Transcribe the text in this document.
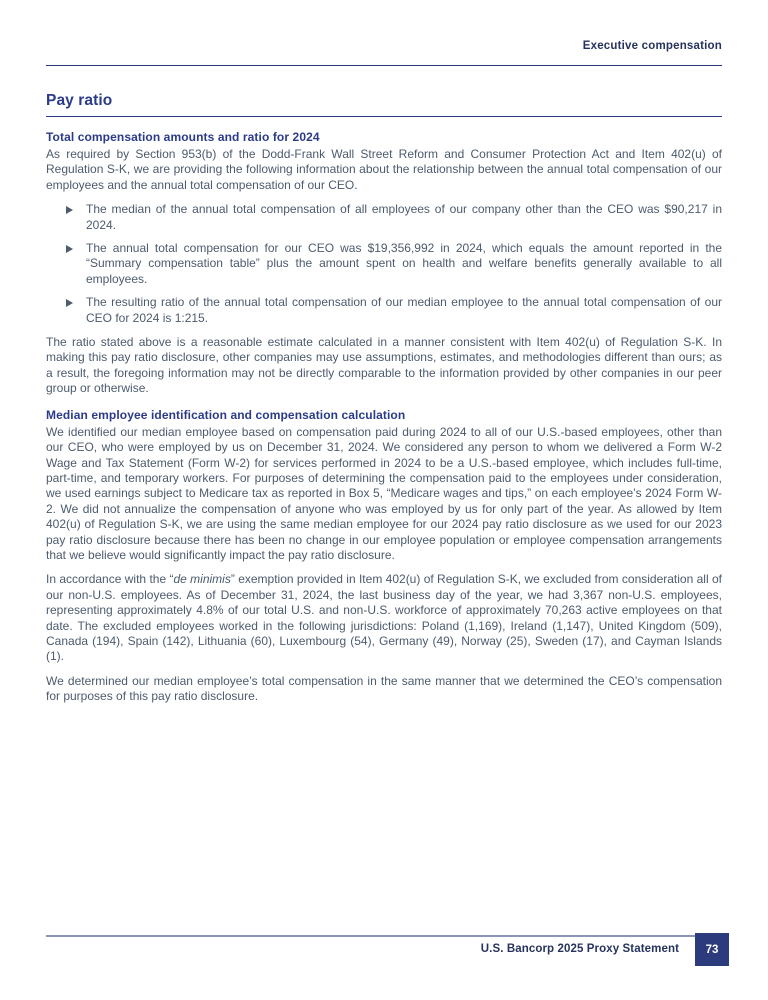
Executive compensation
Pay ratio
Total compensation amounts and ratio for 2024

As required by Section 953(b) of the Dodd-Frank Wall Street Reform and Consumer Protection Act and Item 402(u) of Regulation S-K, we are providing the following information about the relationship between the annual total compensation of our employees and the annual total compensation of our CEO.

The median of the annual total compensation of all employees of our company other than the CEO was $90,217 in 2024.
The annual total compensation for our CEO was $19,356,992 in 2024, which equals the amount reported in the “Summary compensation table” plus the amount spent on health and welfare benefits generally available to all employees.
The resulting ratio of the annual total compensation of our median employee to the annual total compensation of our CEO for 2024 is 1:215.

The ratio stated above is a reasonable estimate calculated in a manner consistent with Item 402(u) of Regulation S-K. In making this pay ratio disclosure, other companies may use assumptions, estimates, and methodologies different than ours; as a result, the foregoing information may not be directly comparable to the information provided by other companies in our peer group or otherwise.

Median employee identification and compensation calculation

We identified our median employee based on compensation paid during 2024 to all of our U.S.-based employees, other than our CEO, who were employed by us on December 31, 2024. We considered any person to whom we delivered a Form W-2 Wage and Tax Statement (Form W-2) for services performed in 2024 to be a U.S.-based employee, which includes full-time, part-time, and temporary workers. For purposes of determining the compensation paid to the employees under consideration, we used earnings subject to Medicare tax as reported in Box 5, “Medicare wages and tips,” on each employee’s 2024 Form W-2. We did not annualize the compensation of anyone who was employed by us for only part of the year. As allowed by Item 402(u) of Regulation S-K, we are using the same median employee for our 2024 pay ratio disclosure as we used for our 2023 pay ratio disclosure because there has been no change in our employee population or employee compensation arrangements that we believe would significantly impact the pay ratio disclosure.

In accordance with the “de minimis” exemption provided in Item 402(u) of Regulation S-K, we excluded from consideration all of our non-U.S. employees. As of December 31, 2024, the last business day of the year, we had 3,367 non-U.S. employees, representing approximately 4.8% of our total U.S. and non-U.S. workforce of approximately 70,263 active employees on that date. The excluded employees worked in the following jurisdictions: Poland (1,169), Ireland (1,147), United Kingdom (509), Canada (194), Spain (142), Lithuania (60), Luxembourg (54), Germany (49), Norway (25), Sweden (17), and Cayman Islands (1).

We determined our median employee’s total compensation in the same manner that we determined the CEO’s compensation for purposes of this pay ratio disclosure.

U.S. Bancorp 2025 Proxy Statement 73
